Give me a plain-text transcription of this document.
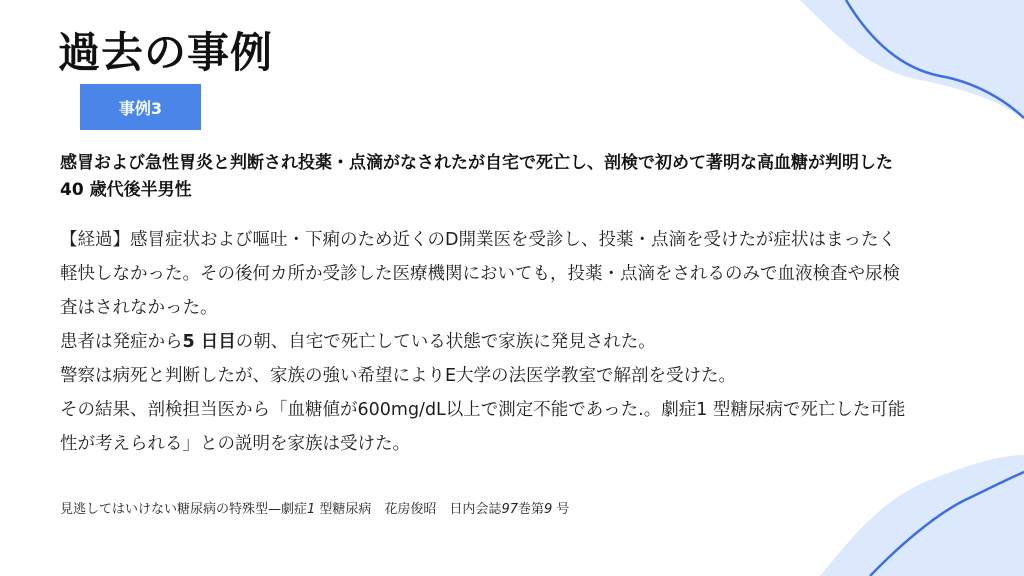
過去の事例
事例3
感冒および急性胃炎と判断され投薬・点滴がなされたが自宅で死亡し、剖検で初めて著明な高血糖が判明した40 歳代後半男性

【経過】感冒症状および嘔吐・下痢のため近くのD開業医を受診し、投薬・点滴を受けたが症状はまったく軽快しなかった。その後何カ所か受診した医療機関においても，投薬・点滴をされるのみで血液検査や尿検査はされなかった。

患者は発症から5 日目の朝、自宅で死亡している状態で家族に発見された。

警察は病死と判断したが、家族の強い希望によりE大学の法医学教室で解剖を受けた。

その結果、剖検担当医から「血糖値が600mg/dL以上で測定不能であった.。劇症1 型糖尿病で死亡した可能性が考えられる」との説明を家族は受けた。

見逃してはいけない糖尿病の特殊型—劇症1 型糖尿病　花房俊昭　日内会誌97巻第9 号
